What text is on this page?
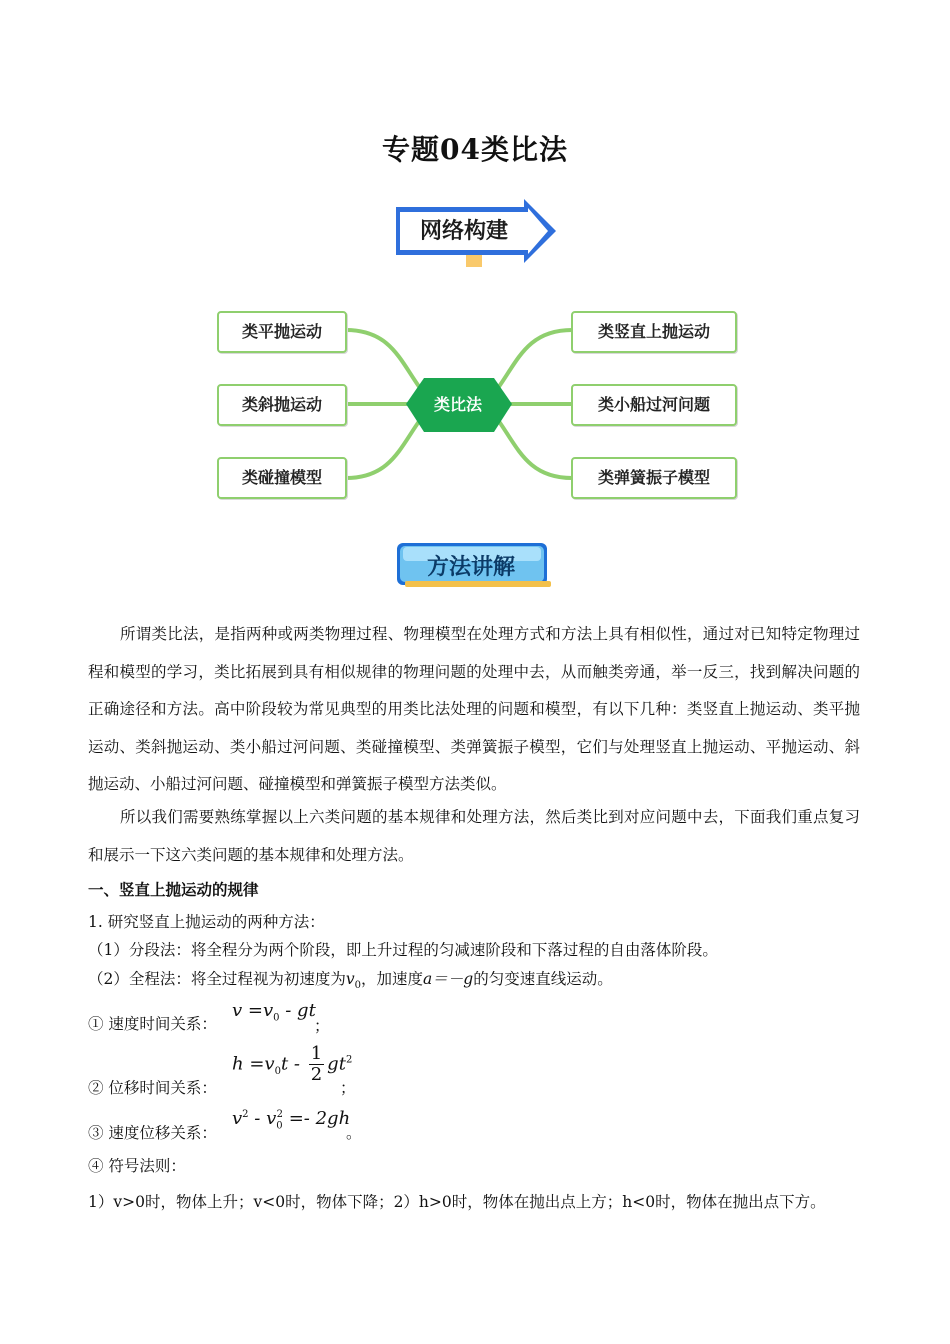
专题04类比法
网络构建
类平抛运动
类斜抛运动
类碰撞模型
类竖直上抛运动
类小船过河问题
类弹簧振子模型
类比法
方法讲解
所谓类比法，是指两种或两类物理过程、物理模型在处理方式和方法上具有相似性，通过对已知特定物理过程和模型的学习，类比拓展到具有相似规律的物理问题的处理中去，从而触类旁通，举一反三，找到解决问题的正确途径和方法。高中阶段较为常见典型的用类比法处理的问题和模型，有以下几种：类竖直上抛运动、类平抛运动、类斜抛运动、类小船过河问题、类碰撞模型、类弹簧振子模型，它们与处理竖直上抛运动、平抛运动、斜抛运动、小船过河问题、碰撞模型和弹簧振子模型方法类似。
所以我们需要熟练掌握以上六类问题的基本规律和处理方法，然后类比到对应问题中去，下面我们重点复习和展示一下这六类问题的基本规律和处理方法。
一、竖直上抛运动的规律
1. 研究竖直上抛运动的两种方法：
（1）分段法：将全程分为两个阶段，即上升过程的匀减速阶段和下落过程的自由落体阶段。
（2）全程法：将全过程视为初速度为$v_0$，加速度a＝－g的匀变速直线运动。
① 速度时间关系：
$v =v_0$ - gt
；
② 位移时间关系：
$h =v_0t - \frac{1}{2} gt^2$
；
③ 速度位移关系：
$v^2 - v_0^2 =- 2gh$
。
④ 符号法则：
1）v>0时，物体上升；v<0时，物体下降；2）h>0时，物体在抛出点上方；h<0时，物体在抛出点下方。
